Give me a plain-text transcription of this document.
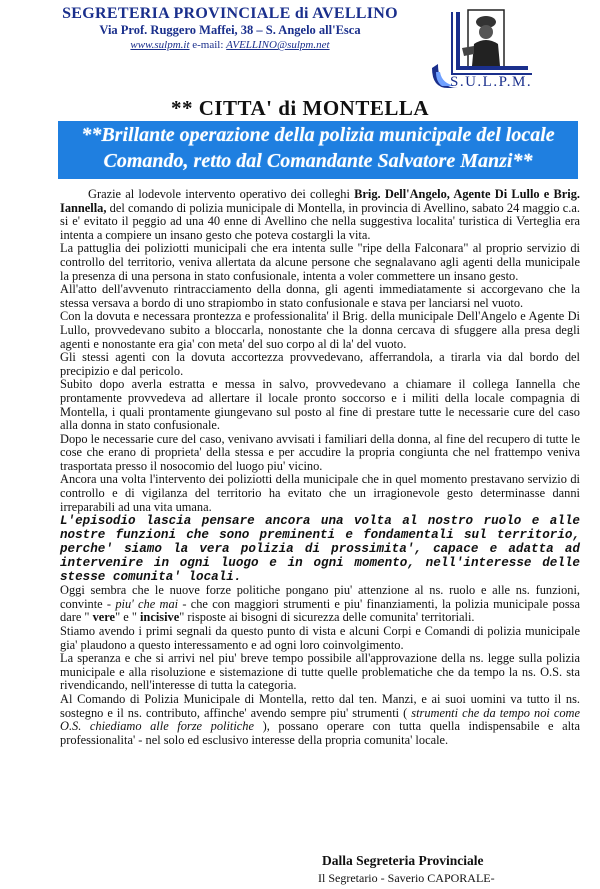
SEGRETERIA PROVINCIALE di AVELLINO
Via Prof. Ruggero Maffei, 38 – S. Angelo all'Esca
www.sulpm.it e-mail: AVELLINO@sulpm.net
S.U.L.P.M.
** CITTA' di MONTELLA
**Brillante operazione della polizia municipale del locale
Comando, retto dal Comandante Salvatore Manzi**

Grazie al lodevole intervento operativo dei colleghi Brig. Dell'Angelo, Agente Di Lullo e Brig. Iannella, del comando di polizia municipale di Montella, in provincia di Avellino, sabato 24 maggio c.a. si e' evitato il peggio ad una 40 enne di Avellino che nella suggestiva localita' turistica di Verteglia era intenta a compiere un insano gesto che poteva costargli la vita.

La pattuglia dei poliziotti municipali che era intenta sulle "ripe della Falconara" al proprio servizio di controllo del territorio, veniva allertata da alcune persone che segnalavano agli agenti della municipale la presenza di una persona in stato confusionale, intenta a voler commettere un insano gesto.

All'atto dell'avvenuto rintracciamento della donna, gli agenti immediatamente si accorgevano che la stessa versava a bordo di uno strapiombo in stato confusionale e stava per lanciarsi nel vuoto.

Con la dovuta e necessara prontezza e professionalita' il Brig. della municipale Dell'Angelo e Agente Di Lullo, provvedevano subito a bloccarla, nonostante che la donna cercava di sfuggere alla presa degli agenti e nonostante era gia' con meta' del suo corpo al di la' del vuoto.

Gli stessi agenti con la dovuta accortezza provvedevano, afferrandola, a tirarla via dal bordo del precipizio e dal pericolo.

Subito dopo averla estratta e messa in salvo, provvedevano a chiamare il collega Iannella che prontamente provvedeva ad allertare il locale pronto soccorso e i militi della locale compagnia di Montella, i quali prontamente giungevano sul posto al fine di prestare tutte le necessarie cure del caso alla donna in stato confusionale.

Dopo le necessarie cure del caso, venivano avvisati i familiari della donna, al fine del recupero di tutte le cose che erano di proprieta' della stessa e per accudire la propria congiunta che nel frattempo veniva trasportata presso il nosocomio del luogo piu' vicino.

Ancora una volta l'intervento dei poliziotti della municipale che in quel momento prestavano servizio di controllo e di vigilanza del territorio ha evitato che un irragionevole gesto determinasse danni irreparabili ad una vita umana.

L'episodio lascia pensare ancora una volta al nostro ruolo e alle nostre funzioni che sono preminenti e fondamentali sul territorio, perche' siamo la vera polizia di prossimita', capace e adatta ad intervenire in ogni luogo e in ogni momento, nell'interesse delle stesse comunita' locali.

Oggi sembra che le nuove forze politiche pongano piu' attenzione al ns. ruolo e alle ns. funzioni, convinte - piu' che mai - che con maggiori strumenti e piu' finanziamenti, la polizia municipale possa dare " vere" e " incisive" risposte ai bisogni di sicurezza delle comunita' territoriali.

Stiamo avendo i primi segnali da questo punto di vista e alcuni Corpi e Comandi di polizia municipale gia' plaudono a questo interessamento e ad ogni loro coinvolgimento.

La speranza e che si arrivi nel piu' breve tempo possibile all'approvazione della ns. legge sulla polizia municipale e alla risoluzione e sistemazione di tutte quelle problematiche che da tempo la ns. O.S. sta rivendicando, nell'interesse di tutta la categoria.

Al Comando di Polizia Municipale di Montella, retto dal ten. Manzi, e ai suoi uomini va tutto il ns. sostegno e il ns. contributo, affinche' avendo sempre piu' strumenti ( strumenti che da tempo noi come O.S. chiediamo alle forze politiche ), possano operare con tutta quella indispensabile e alta professionalita' - nel solo ed esclusivo interesse della propria comunita' locale.

Dalla Segreteria Provinciale
Il Segretario - Saverio CAPORALE-
